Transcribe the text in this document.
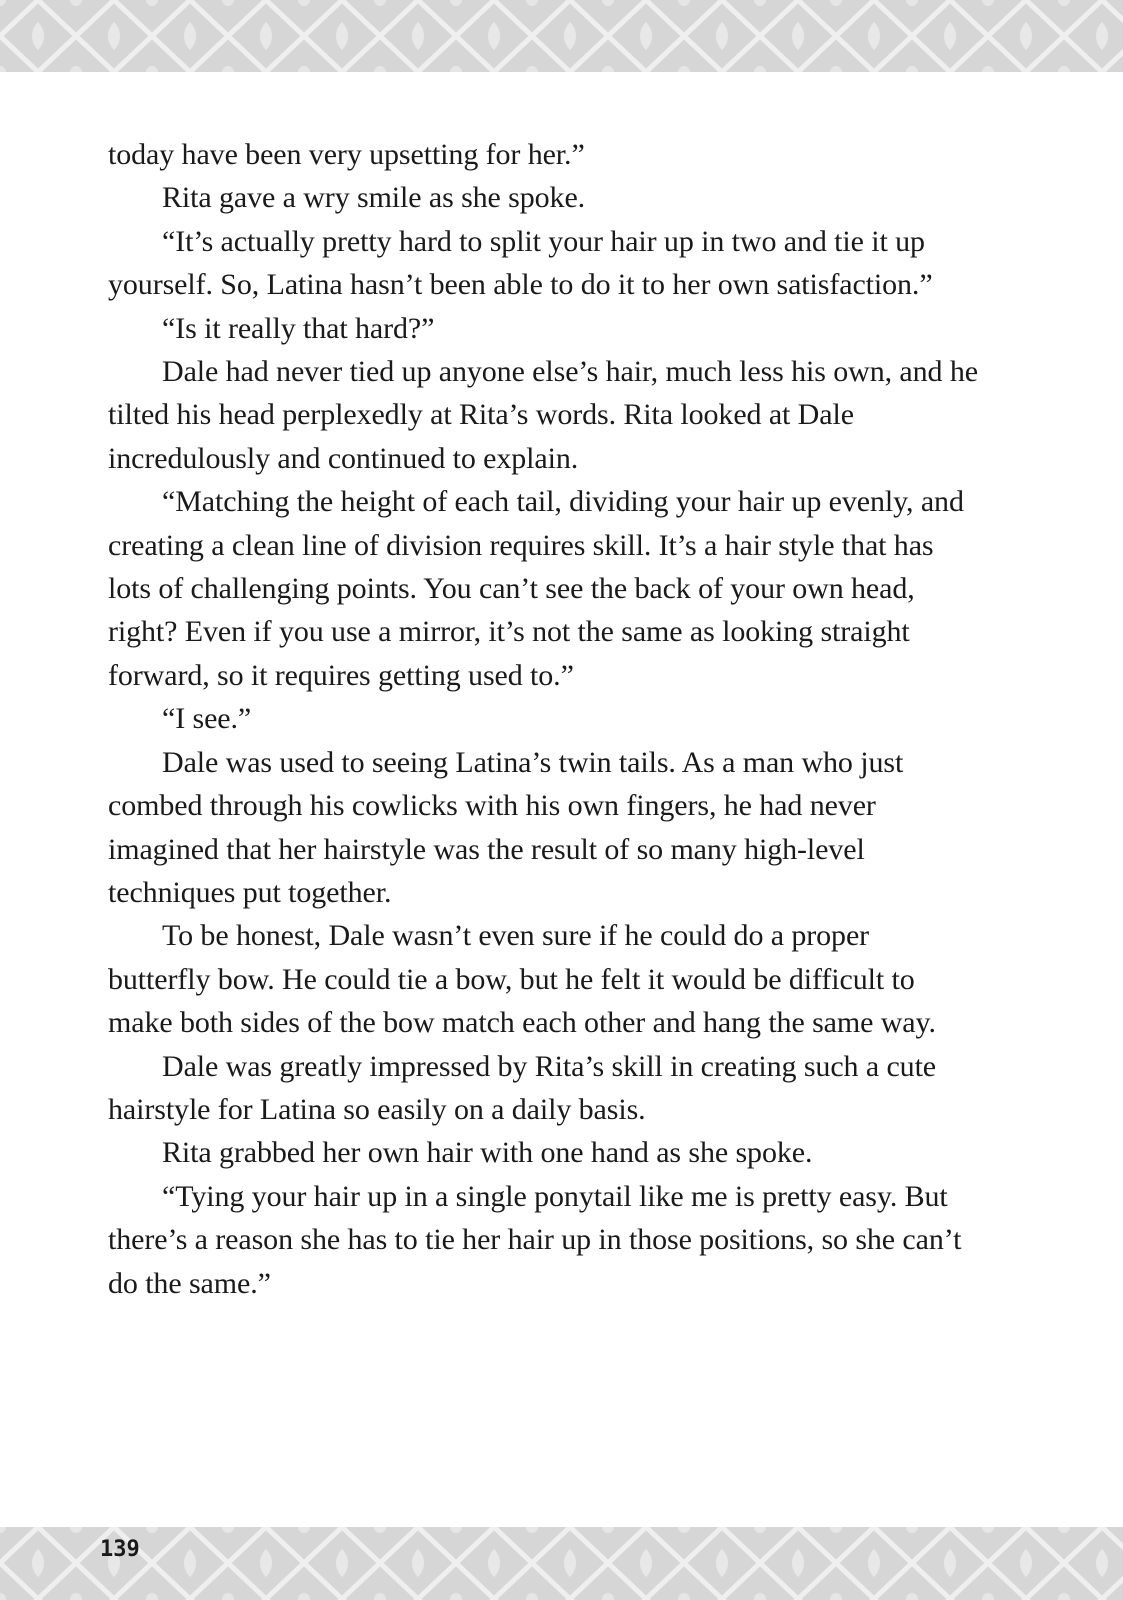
today have been very upsetting for her.”

Rita gave a wry smile as she spoke.

“It’s actually pretty hard to split your hair up in two and tie it up yourself. So, Latina hasn’t been able to do it to her own satisfaction.”

“Is it really that hard?”

Dale had never tied up anyone else’s hair, much less his own, and he tilted his head perplexedly at Rita’s words. Rita looked at Dale incredulously and continued to explain.

“Matching the height of each tail, dividing your hair up evenly, and creating a clean line of division requires skill. It’s a hair style that has lots of challenging points. You can’t see the back of your own head, right? Even if you use a mirror, it’s not the same as looking straight forward, so it requires getting used to.”

“I see.”

Dale was used to seeing Latina’s twin tails. As a man who just combed through his cowlicks with his own fingers, he had never imagined that her hairstyle was the result of so many high-level techniques put together.

To be honest, Dale wasn’t even sure if he could do a proper butterfly bow. He could tie a bow, but he felt it would be difficult to make both sides of the bow match each other and hang the same way.

Dale was greatly impressed by Rita’s skill in creating such a cute hairstyle for Latina so easily on a daily basis.

Rita grabbed her own hair with one hand as she spoke.

“Tying your hair up in a single ponytail like me is pretty easy. But there’s a reason she has to tie her hair up in those positions, so she can’t do the same.”

139
